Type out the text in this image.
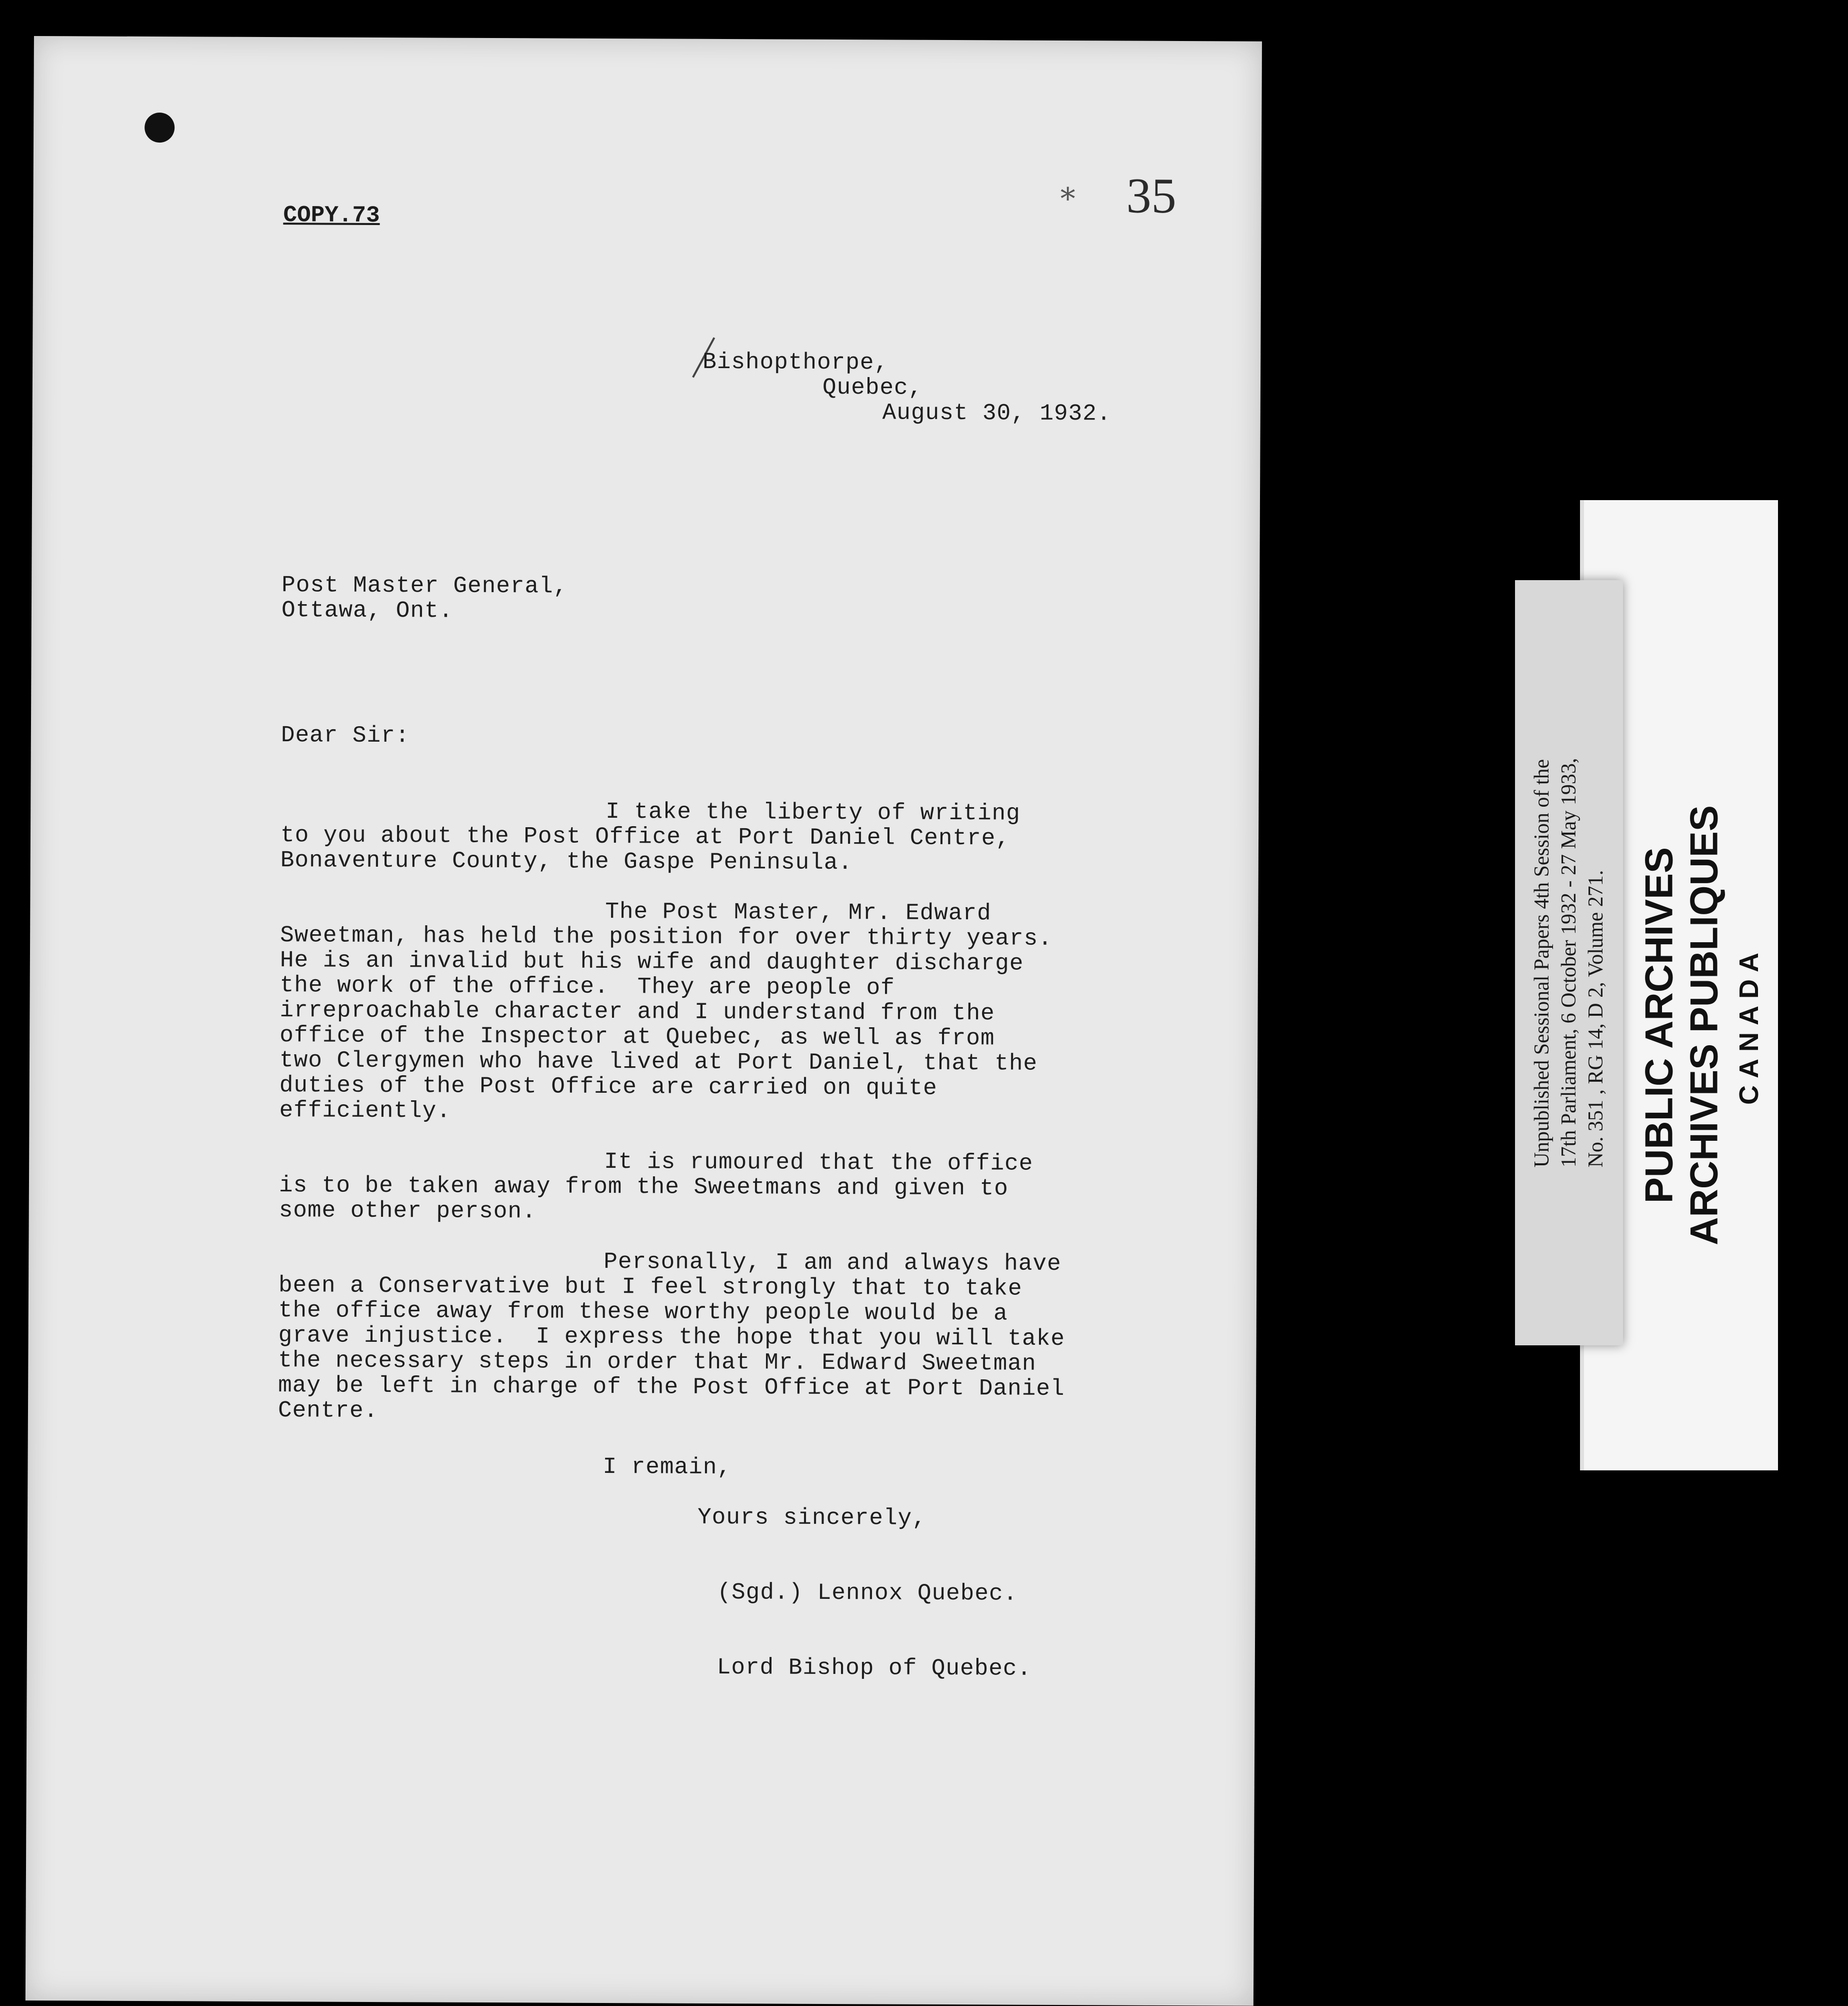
* 35
COPY.73
Bishopthorpe,
Quebec,
August 30, 1932.
Post Master General,
Ottawa, Ont.
Dear Sir:
I take the liberty of writing
to you about the Post Office at Port Daniel Centre,
Bonaventure County, the Gaspe Peninsula.
The Post Master, Mr. Edward
Sweetman, has held the position for over thirty years.
He is an invalid but his wife and daughter discharge
the work of the office.  They are people of
irreproachable character and I understand from the
office of the Inspector at Quebec, as well as from
two Clergymen who have lived at Port Daniel, that the
duties of the Post Office are carried on quite
efficiently.
It is rumoured that the office
is to be taken away from the Sweetmans and given to
some other person.
Personally, I am and always have
been a Conservative but I feel strongly that to take
the office away from these worthy people would be a
grave injustice.  I express the hope that you will take
the necessary steps in order that Mr. Edward Sweetman
may be left in charge of the Post Office at Port Daniel
Centre.
I remain,
Yours sincerely,
(Sgd.) Lennox Quebec.
Lord Bishop of Quebec.
PUBLIC ARCHIVES ARCHIVES PUBLIQUES CANADA
Unpublished Sessional Papers 4th Session of the 17th Parliament, 6 October 1932 - 27 May 1933, No. 351 , RG 14, D 2, Volume 271.
